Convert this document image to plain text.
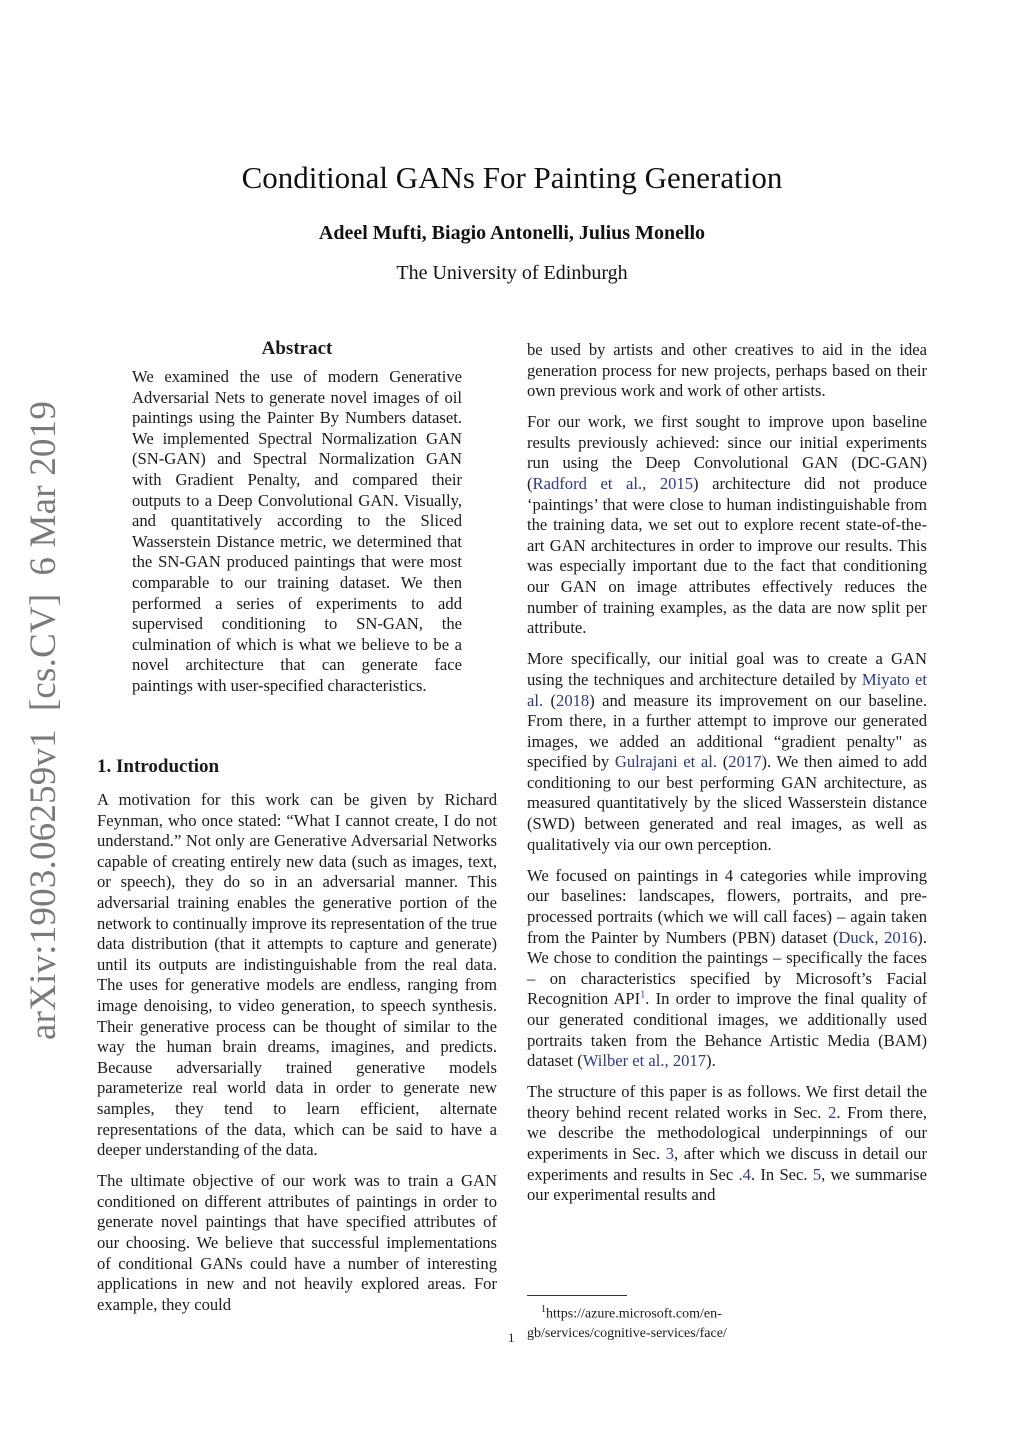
arXiv:1903.06259v1[cs.CV]6 Mar 2019
Conditional GANs For Painting Generation
Adeel Mufti, Biagio Antonelli, Julius Monello
The University of Edinburgh
Abstract
We examined the use of modern Generative Adversarial Nets to generate novel images of oil paintings using the Painter By Numbers dataset. We implemented Spectral Normalization GAN (SN-GAN) and Spectral Normalization GAN with Gradient Penalty, and compared their outputs to a Deep Convolutional GAN. Visually, and quantitatively according to the Sliced Wasserstein Distance metric, we determined that the SN-GAN produced paintings that were most comparable to our training dataset. We then performed a series of experiments to add supervised conditioning to SN-GAN, the culmination of which is what we believe to be a novel architecture that can generate face paintings with user-specified characteristics.
1. Introduction

A motivation for this work can be given by Richard Feynman, who once stated: “What I cannot create, I do not understand.” Not only are Generative Adversarial Networks capable of creating entirely new data (such as images, text, or speech), they do so in an adversarial manner. This adversarial training enables the generative portion of the network to continually improve its representation of the true data distribution (that it attempts to capture and generate) until its outputs are indistinguishable from the real data. The uses for generative models are endless, ranging from image denoising, to video generation, to speech synthesis. Their generative process can be thought of similar to the way the human brain dreams, imagines, and predicts. Because adversarially trained generative models parameterize real world data in order to generate new samples, they tend to learn efficient, alternate representations of the data, which can be said to have a deeper understanding of the data.

The ultimate objective of our work was to train a GAN conditioned on different attributes of paintings in order to generate novel paintings that have specified attributes of our choosing. We believe that successful implementations of conditional GANs could have a number of interesting applications in new and not heavily explored areas. For example, they could

be used by artists and other creatives to aid in the idea generation process for new projects, perhaps based on their own previous work and work of other artists.

For our work, we first sought to improve upon baseline results previously achieved: since our initial experiments run using the Deep Convolutional GAN (DC-GAN) (Radford et al., 2015) architecture did not produce ‘paintings’ that were close to human indistinguishable from the training data, we set out to explore recent state-of-the-art GAN architectures in order to improve our results. This was especially important due to the fact that conditioning our GAN on image attributes effectively reduces the number of training examples, as the data are now split per attribute.

More specifically, our initial goal was to create a GAN using the techniques and architecture detailed by Miyato et al. (2018) and measure its improvement on our baseline. From there, in a further attempt to improve our generated images, we added an additional “gradient penalty" as specified by Gulrajani et al. (2017). We then aimed to add conditioning to our best performing GAN architecture, as measured quantitatively by the sliced Wasserstein distance (SWD) between generated and real images, as well as qualitatively via our own perception.

We focused on paintings in 4 categories while improving our baselines: landscapes, flowers, portraits, and pre-processed portraits (which we will call faces) – again taken from the Painter by Numbers (PBN) dataset (Duck, 2016). We chose to condition the paintings – specifically the faces – on characteristics specified by Microsoft’s Facial Recognition API$^1$. In order to improve the final quality of our generated conditional images, we additionally used portraits taken from the Behance Artistic Media (BAM) dataset (Wilber et al., 2017).

The structure of this paper is as follows. We first detail the theory behind recent related works in Sec. 2. From there, we describe the methodological underpinnings of our experiments in Sec. 3, after which we discuss in detail our experiments and results in Sec .4. In Sec. 5, we summarise our experimental results and

$^1$https://azure.microsoft.com/en-gb/services/cognitive-services/face/
1
